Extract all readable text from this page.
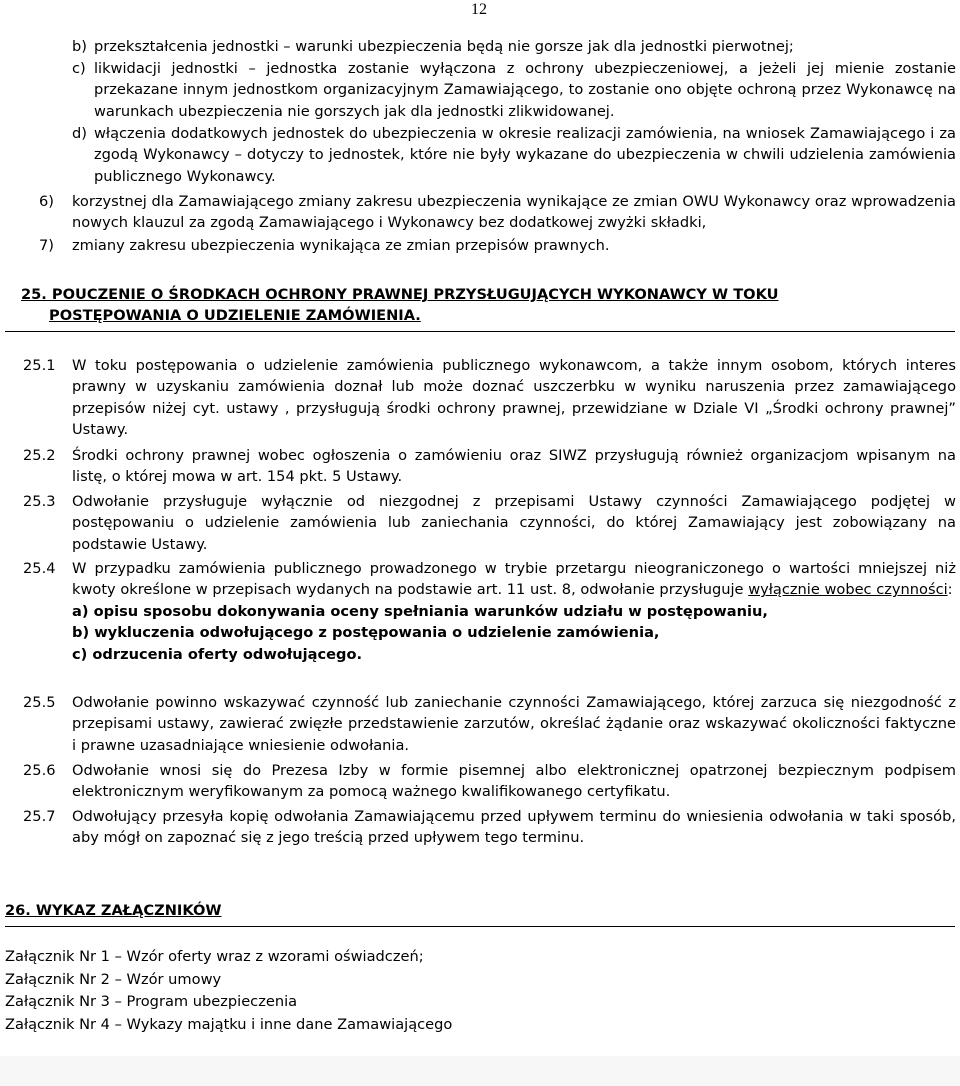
12
b) przekształcenia jednostki – warunki ubezpieczenia będą nie gorsze jak dla jednostki pierwotnej;
c) likwidacji jednostki – jednostka zostanie wyłączona z ochrony ubezpieczeniowej, a jeżeli jej mienie zostanie przekazane innym jednostkom organizacyjnym Zamawiającego, to zostanie ono objęte ochroną przez Wykonawcę na warunkach ubezpieczenia nie gorszych jak dla jednostki zlikwidowanej.
d) włączenia dodatkowych jednostek do ubezpieczenia w okresie realizacji zamówienia, na wniosek Zamawiającego i za zgodą Wykonawcy – dotyczy to jednostek, które nie były wykazane do ubezpieczenia w chwili udzielenia zamówienia publicznego Wykonawcy.
6)	korzystnej dla Zamawiającego zmiany zakresu ubezpieczenia wynikające ze zmian OWU Wykonawcy oraz wprowadzenia nowych klauzul za zgodą Zamawiającego i Wykonawcy bez dodatkowej zwyżki składki,
7)	zmiany zakresu ubezpieczenia wynikająca ze zmian przepisów prawnych.
25. POUCZENIE O ŚRODKACH OCHRONY PRAWNEJ PRZYSŁUGUJĄCYCH WYKONAWCY W TOKU
POSTĘPOWANIA O UDZIELENIE ZAMÓWIENIA.
25.1	W toku postępowania o udzielenie zamówienia publicznego wykonawcom, a także innym osobom, których interes prawny w uzyskaniu zamówienia doznał lub może doznać uszczerbku w wyniku naruszenia przez zamawiającego przepisów niżej cyt. ustawy , przysługują środki ochrony prawnej, przewidziane w Dziale VI „Środki ochrony prawnej” Ustawy.
25.2	Środki ochrony prawnej wobec ogłoszenia o zamówieniu oraz SIWZ przysługują również organizacjom wpisanym na listę, o której mowa w art. 154 pkt. 5 Ustawy.
25.3	Odwołanie przysługuje wyłącznie od niezgodnej z przepisami Ustawy czynności Zamawiającego podjętej w postępowaniu o udzielenie zamówienia lub zaniechania czynności, do której Zamawiający jest zobowiązany na podstawie Ustawy.
25.4	W przypadku zamówienia publicznego prowadzonego w trybie przetargu nieograniczonego o wartości mniejszej niż kwoty określone w przepisach wydanych na podstawie art. 11 ust. 8, odwołanie przysługuje wyłącznie wobec czynności:
a) opisu sposobu dokonywania oceny spełniania warunków udziału w postępowaniu,
b) wykluczenia odwołującego z postępowania o udzielenie zamówienia,
c) odrzucenia oferty odwołującego.
25.5	Odwołanie powinno wskazywać czynność lub zaniechanie czynności Zamawiającego, której zarzuca się niezgodność z przepisami ustawy, zawierać zwięzłe przedstawienie zarzutów, określać żądanie oraz wskazywać okoliczności faktyczne i prawne uzasadniające wniesienie odwołania.
25.6	Odwołanie wnosi się do Prezesa Izby w formie pisemnej albo elektronicznej opatrzonej bezpiecznym podpisem elektronicznym weryfikowanym za pomocą ważnego kwalifikowanego certyfikatu.
25.7	Odwołujący przesyła kopię odwołania Zamawiającemu przed upływem terminu do wniesienia odwołania w taki sposób, aby mógł on zapoznać się z jego treścią przed upływem tego terminu.
26. WYKAZ ZAŁĄCZNIKÓW
Załącznik Nr 1 – Wzór oferty wraz z wzorami oświadczeń;
Załącznik Nr 2 – Wzór umowy
Załącznik Nr 3 – Program ubezpieczenia
Załącznik Nr 4 – Wykazy majątku i inne dane Zamawiającego
